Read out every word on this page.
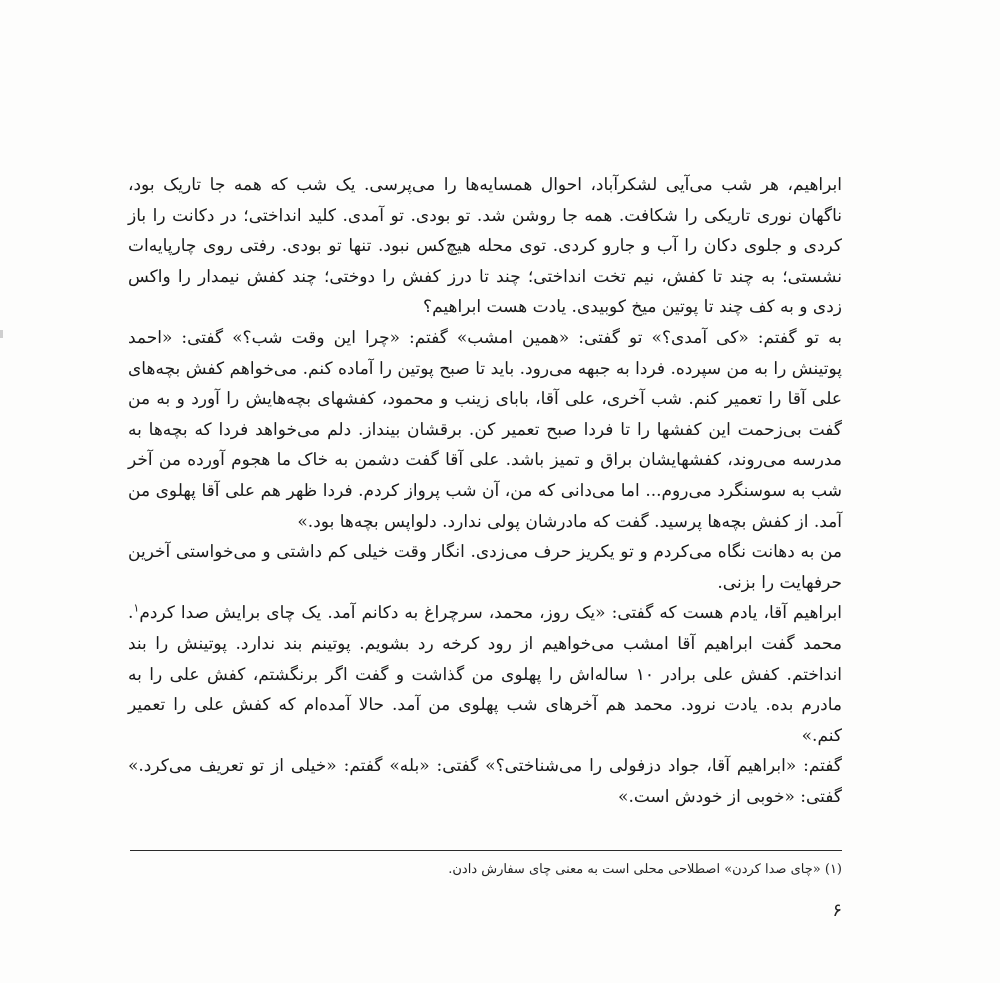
ابراهیم، هر شب می‌آیی لشکرآباد، احوال همسایه‌ها را می‌پرسی. یک شب که همه جا تاریک بود، ناگهان نوری تاریکی را شکافت. همه جا روشن شد. تو بودی. تو آمدی. کلید انداختی؛ در دکانت را باز کردی و جلوی دکان را آب و جارو کردی. توی محله هیچ‌کس نبود. تنها تو بودی. رفتی روی چارپایه‌ات نشستی؛ به چند تا کفش، نیم تخت انداختی؛ چند تا درز کفش را دوختی؛ چند کفش نیمدار را واکس زدی و به کف چند تا پوتین میخ کوبیدی. یادت هست ابراهیم؟

به تو گفتم: «کی آمدی؟» تو گفتی: «همین امشب» گفتم: «چرا این وقت شب؟» گفتی: «احمد پوتینش را به من سپرده. فردا به جبهه می‌رود. باید تا صبح پوتین را آماده کنم. می‌خواهم کفش بچه‌های علی آقا را تعمیر کنم. شب آخری، علی آقا، بابای زینب و محمود، کفشهای بچه‌هایش را آورد و به من گفت بی‌زحمت این کفشها را تا فردا صبح تعمیر کن. برقشان بینداز. دلم می‌خواهد فردا که بچه‌ها به مدرسه می‌روند، کفشهایشان براق و تمیز باشد. علی آقا گفت دشمن به خاک ما هجوم آورده من آخر شب به سوسنگرد می‌روم... اما می‌دانی که من، آن شب پرواز کردم. فردا ظهر هم علی آقا پهلوی من آمد. از کفش بچه‌ها پرسید. گفت که مادرشان پولی ندارد. دلواپس بچه‌ها بود.»

من به دهانت نگاه می‌کردم و تو یکریز حرف می‌زدی. انگار وقت خیلی کم داشتی و می‌خواستی آخرین حرفهایت را بزنی.

ابراهیم آقا، یادم هست که گفتی: «یک روز، محمد، سرچراغ به دکانم آمد. یک چای برایش صدا کردم$^١$. محمد گفت ابراهیم آقا امشب می‌خواهیم از رود کرخه رد بشویم. پوتینم بند ندارد. پوتینش را بند انداختم. کفش علی برادر ۱۰ ساله‌اش را پهلوی من گذاشت و گفت اگر برنگشتم، کفش علی را به مادرم بده. یادت نرود. محمد هم آخرهای شب پهلوی من آمد. حالا آمده‌ام که کفش علی را تعمیر کنم.»

گفتم: «ابراهیم آقا، جواد دزفولی را می‌شناختی؟» گفتی: «بله» گفتم: «خیلی از تو تعریف می‌کرد.» گفتی: «خوبی از خودش است.»

(١) «چای صدا کردن» اصطلاحی محلی است به معنی چای سفارش دادن.
۶
